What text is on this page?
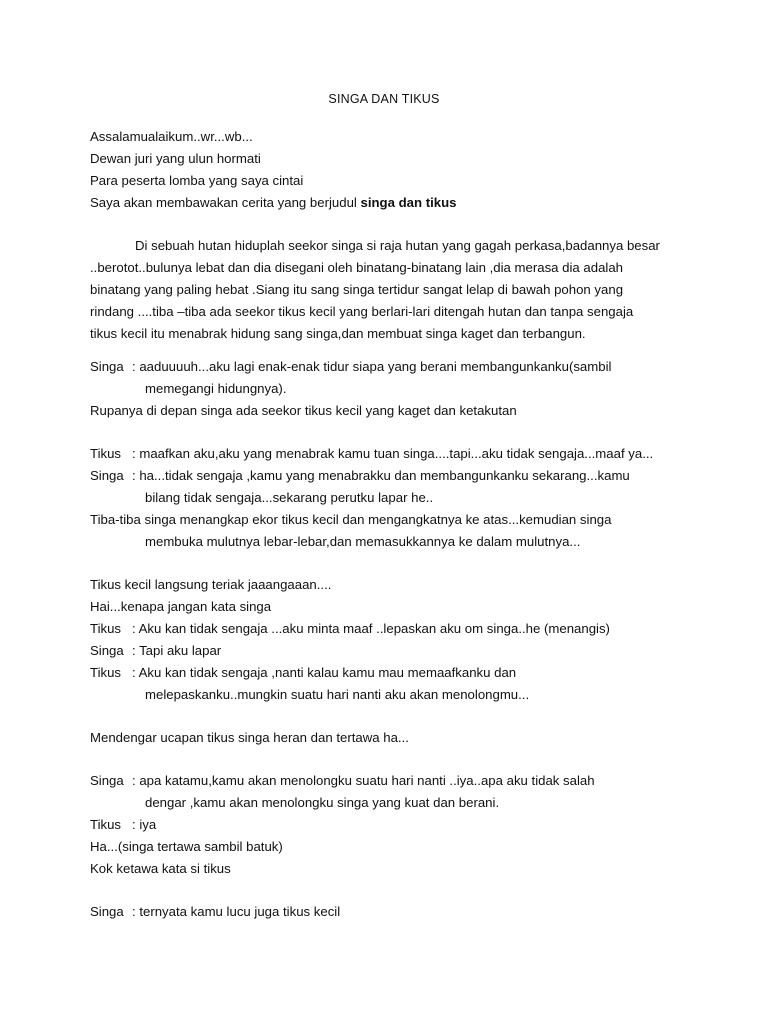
SINGA DAN TIKUS
Assalamualaikum..wr...wb...
Dewan juri yang ulun hormati
Para peserta lomba yang saya cintai
Saya akan membawakan cerita yang berjudul singa dan tikus
Di sebuah hutan hiduplah seekor singa si raja hutan yang gagah perkasa,badannya besar
..berotot..bulunya lebat dan dia disegani oleh binatang-binatang lain ,dia merasa dia adalah
binatang yang paling hebat .Siang itu sang singa tertidur sangat lelap di bawah pohon yang
rindang ....tiba –tiba ada seekor tikus kecil yang berlari-lari ditengah hutan dan tanpa sengaja
tikus kecil itu menabrak hidung sang singa,dan membuat singa kaget dan terbangun.
Singa : aaduuuuh...aku lagi enak-enak tidur siapa yang berani membangunkanku(sambil
memegangi hidungnya).
Rupanya di depan singa ada seekor tikus kecil yang kaget dan ketakutan
Tikus : maafkan aku,aku yang menabrak kamu tuan singa....tapi...aku tidak sengaja...maaf ya...
Singa : ha...tidak sengaja ,kamu yang menabrakku dan membangunkanku sekarang...kamu
bilang tidak sengaja...sekarang perutku lapar he..
Tiba-tiba singa menangkap ekor tikus kecil dan mengangkatnya ke atas...kemudian singa
membuka mulutnya lebar-lebar,dan memasukkannya ke dalam mulutnya...
Tikus kecil langsung teriak jaaangaaan....
Hai...kenapa jangan kata singa
Tikus : Aku kan tidak sengaja ...aku minta maaf ..lepaskan aku om singa..he (menangis)
Singa : Tapi aku lapar
Tikus : Aku kan tidak sengaja ,nanti kalau kamu mau memaafkanku dan
melepaskanku..mungkin suatu hari nanti aku akan menolongmu...
Mendengar ucapan tikus singa heran dan tertawa ha...
Singa : apa katamu,kamu akan menolongku suatu hari nanti ..iya..apa aku tidak salah
dengar ,kamu akan menolongku singa yang kuat dan berani.
Tikus : iya
Ha...(singa tertawa sambil batuk)
Kok ketawa kata si tikus
Singa : ternyata kamu lucu juga tikus kecil
